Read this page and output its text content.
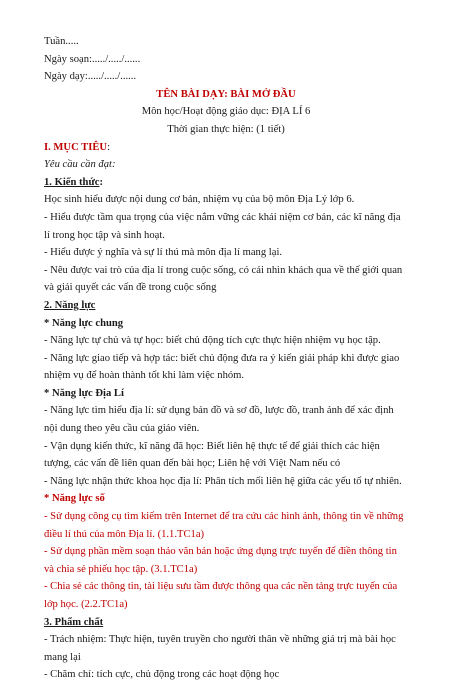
Tuần.....
Ngày soạn:...../...../......
Ngày dạy:...../...../......
TÊN BÀI DẠY: BÀI MỞ ĐẦU
Môn học/Hoạt động giáo dục: ĐỊA LÍ 6
Thời gian thực hiện: (1 tiết)
I. MỤC TIÊU:
Yêu cầu cần đạt:
1. Kiến thức:
Học sinh hiểu được nội dung cơ bản, nhiệm vụ của bộ môn Địa Lý lớp 6.
- Hiểu được tầm qua trọng của việc nắm vững các khái niệm cơ bản, các kĩ năng địa lí trong học tập và sinh hoạt.
- Hiểu được ý nghĩa và sự lí thú mà môn địa lí mang lại.
- Nêu được vai trò của địa lí trong cuộc sống, có cái nhìn khách qua về thế giới quan và giải quyết các vấn đề trong cuộc sống
2. Năng lực
* Năng lực chung
- Năng lực tự chủ và tự học: biết chủ động tích cực thực hiện nhiệm vụ học tập.
- Năng lực giao tiếp và hợp tác: biết chủ động đưa ra ý kiến giải pháp khi được giao nhiệm vụ để hoàn thành tốt khi làm việc nhóm.
* Năng lực Địa Lí
- Năng lực tìm hiểu địa lí: sử dụng bản đồ và sơ đồ, lược đồ, tranh ảnh để xác định nội dung theo yêu cầu của giáo viên.
- Vận dụng kiến thức, kĩ năng đã học: Biết liên hệ thực tế để giải thích các hiện tượng, các vấn đề liên quan đến bài học; Liên hệ với Việt Nam nếu có
- Năng lực nhận thức khoa học địa lí: Phân tích mối liên hệ giữa các yếu tố tự nhiên.
* Năng lực số
- Sử dụng công cụ tìm kiếm trên Internet để tra cứu các hình ảnh, thông tin về những điều lí thú của môn Địa lí. (1.1.TC1a)
- Sử dụng phần mềm soạn thảo văn bản hoặc ứng dụng trực tuyến để điền thông tin và chia sẻ phiếu học tập. (3.1.TC1a)
- Chia sẻ các thông tin, tài liệu sưu tầm được thông qua các nền tảng trực tuyến của lớp học. (2.2.TC1a)
3. Phẩm chất
- Trách nhiệm: Thực hiện, tuyên truyền cho người thân về những giá trị mà bài học mang lại
- Chăm chỉ: tích cực, chủ động trong các hoạt động học
